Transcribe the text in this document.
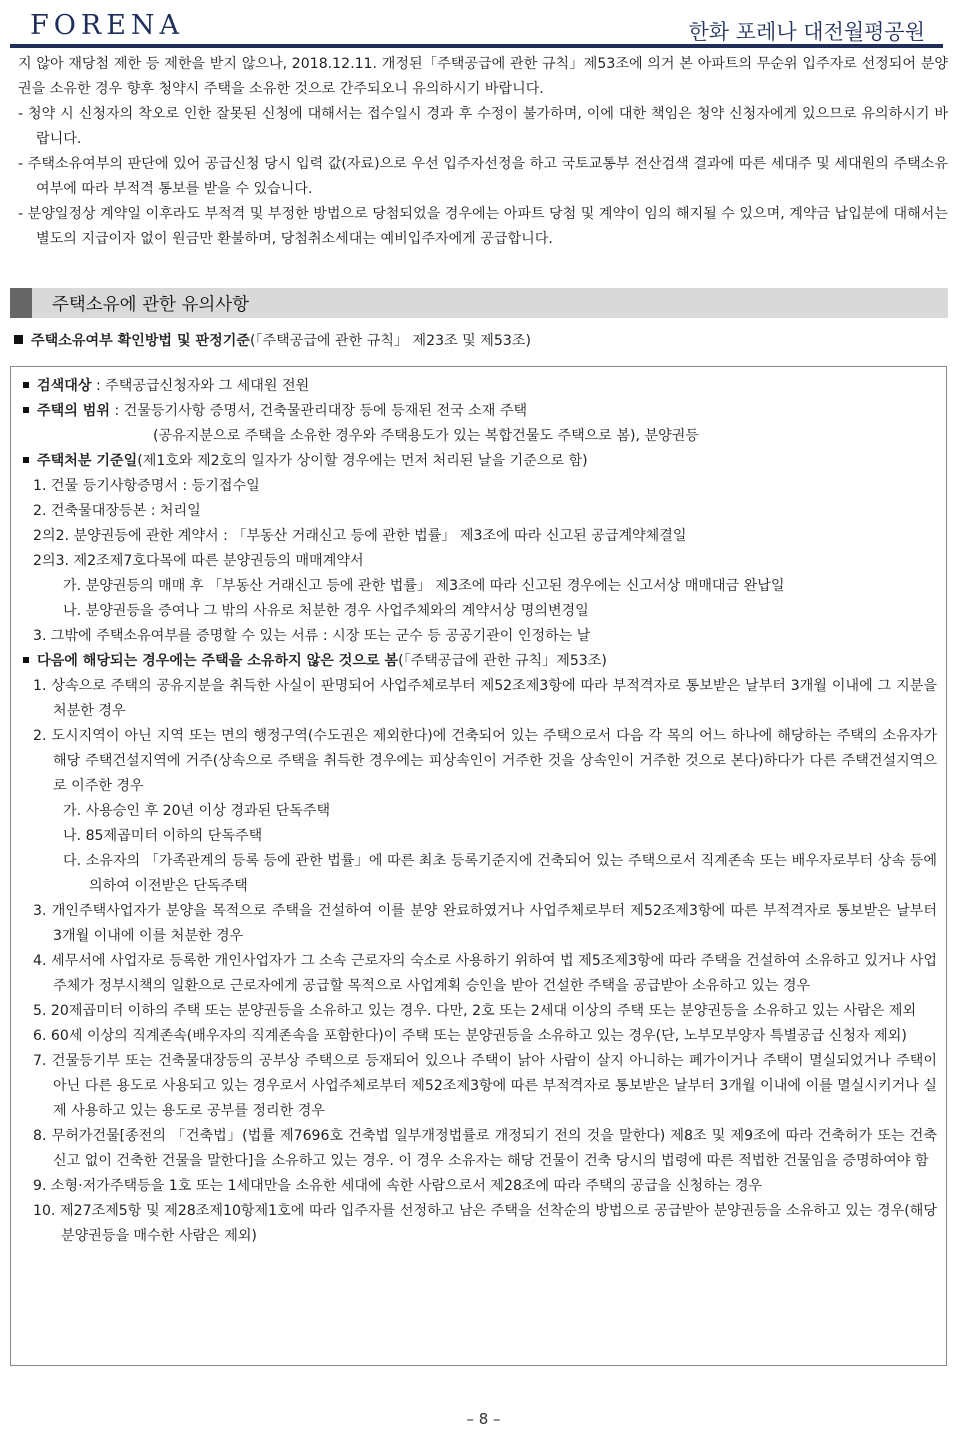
FORENA	한화 포레나 대전월평공원

지 않아 재당첨 제한 등 제한을 받지 않으나, 2018.12.11. 개정된「주택공급에 관한 규칙」제53조에 의거 본 아파트의 무순위 입주자로 선정되어 분양권을 소유한 경우 향후 청약시 주택을 소유한 것으로 간주되오니 유의하시기 바랍니다.

- 청약 시 신청자의 착오로 인한 잘못된 신청에 대해서는 접수일시 경과 후 수정이 불가하며, 이에 대한 책임은 청약 신청자에게 있으므로 유의하시기 바랍니다.

- 주택소유여부의 판단에 있어 공급신청 당시 입력 값(자료)으로 우선 입주자선정을 하고 국토교통부 전산검색 결과에 따른 세대주 및 세대원의 주택소유 여부에 따라 부적격 통보를 받을 수 있습니다.

- 분양일정상 계약일 이후라도 부적격 및 부정한 방법으로 당첨되었을 경우에는 아파트 당첨 및 계약이 임의 해지될 수 있으며, 계약금 납입분에 대해서는 별도의 지급이자 없이 원금만 환불하며, 당첨취소세대는 예비입주자에게 공급합니다.

주택소유에 관한 유의사항
주택소유여부 확인방법 및 판정기준(「주택공급에 관한 규칙」 제23조 및 제53조)

검색대상 : 주택공급신청자와 그 세대원 전원

주택의 범위 : 건물등기사항 증명서, 건축물관리대장 등에 등재된 전국 소재 주택

(공유지분으로 주택을 소유한 경우와 주택용도가 있는 복합건물도 주택으로 봄), 분양권등

주택처분 기준일(제1호와 제2호의 일자가 상이할 경우에는 먼저 처리된 날을 기준으로 함)

1. 건물 등기사항증명서 : 등기접수일

2. 건축물대장등본 : 처리일

2의2. 분양권등에 관한 계약서 : 「부동산 거래신고 등에 관한 법률」 제3조에 따라 신고된 공급계약체결일

2의3. 제2조제7호다목에 따른 분양권등의 매매계약서

가. 분양권등의 매매 후 「부동산 거래신고 등에 관한 법률」 제3조에 따라 신고된 경우에는 신고서상 매매대금 완납일

나. 분양권등을 증여나 그 밖의 사유로 처분한 경우 사업주체와의 계약서상 명의변경일

3. 그밖에 주택소유여부를 증명할 수 있는 서류 : 시장 또는 군수 등 공공기관이 인정하는 날

다음에 해당되는 경우에는 주택을 소유하지 않은 것으로 봄(「주택공급에 관한 규칙」제53조)

1. 상속으로 주택의 공유지분을 취득한 사실이 판명되어 사업주체로부터 제52조제3항에 따라 부적격자로 통보받은 날부터 3개월 이내에 그 지분을 처분한 경우

2. 도시지역이 아닌 지역 또는 면의 행정구역(수도권은 제외한다)에 건축되어 있는 주택으로서 다음 각 목의 어느 하나에 해당하는 주택의 소유자가 해당 주택건설지역에 거주(상속으로 주택을 취득한 경우에는 피상속인이 거주한 것을 상속인이 거주한 것으로 본다)하다가 다른 주택건설지역으로 이주한 경우

가. 사용승인 후 20년 이상 경과된 단독주택

나. 85제곱미터 이하의 단독주택

다. 소유자의 「가족관계의 등록 등에 관한 법률」에 따른 최초 등록기준지에 건축되어 있는 주택으로서 직계존속 또는 배우자로부터 상속 등에 의하여 이전받은 단독주택

3. 개인주택사업자가 분양을 목적으로 주택을 건설하여 이를 분양 완료하였거나 사업주체로부터 제52조제3항에 따른 부적격자로 통보받은 날부터 3개월 이내에 이를 처분한 경우

4. 세무서에 사업자로 등록한 개인사업자가 그 소속 근로자의 숙소로 사용하기 위하여 법 제5조제3항에 따라 주택을 건설하여 소유하고 있거나 사업주체가 정부시책의 일환으로 근로자에게 공급할 목적으로 사업계획 승인을 받아 건설한 주택을 공급받아 소유하고 있는 경우

5. 20제곱미터 이하의 주택 또는 분양권등을 소유하고 있는 경우. 다만, 2호 또는 2세대 이상의 주택 또는 분양권등을 소유하고 있는 사람은 제외

6. 60세 이상의 직계존속(배우자의 직계존속을 포함한다)이 주택 또는 분양권등을 소유하고 있는 경우(단, 노부모부양자 특별공급 신청자 제외)

7. 건물등기부 또는 건축물대장등의 공부상 주택으로 등재되어 있으나 주택이 낡아 사람이 살지 아니하는 폐가이거나 주택이 멸실되었거나 주택이 아닌 다른 용도로 사용되고 있는 경우로서 사업주체로부터 제52조제3항에 따른 부적격자로 통보받은 날부터 3개월 이내에 이를 멸실시키거나 실제 사용하고 있는 용도로 공부를 정리한 경우

8. 무허가건물[종전의 「건축법」(법률 제7696호 건축법 일부개정법률로 개정되기 전의 것을 말한다) 제8조 및 제9조에 따라 건축허가 또는 건축신고 없이 건축한 건물을 말한다]을 소유하고 있는 경우. 이 경우 소유자는 해당 건물이 건축 당시의 법령에 따른 적법한 건물임을 증명하여야 함

9. 소형·저가주택등을 1호 또는 1세대만을 소유한 세대에 속한 사람으로서 제28조에 따라 주택의 공급을 신청하는 경우

10. 제27조제5항 및 제28조제10항제1호에 따라 입주자를 선정하고 남은 주택을 선착순의 방법으로 공급받아 분양권등을 소유하고 있는 경우(해당 분양권등을 매수한 사람은 제외)

– 8 –
